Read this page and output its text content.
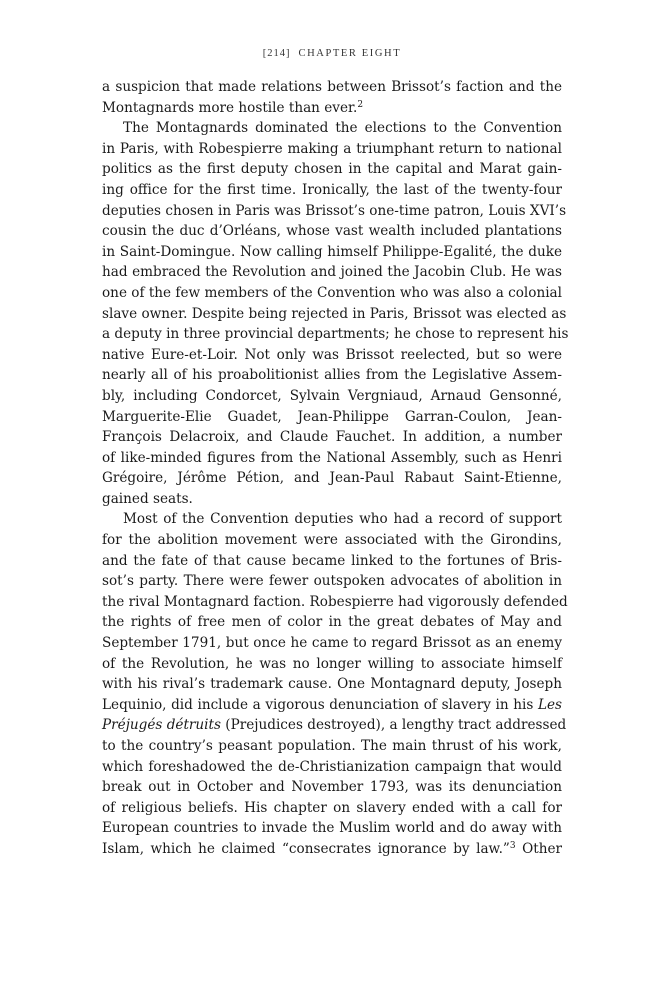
[214] CHAPTER EIGHT
a suspicion that made relations between Brissot’s faction and the
Montagnards more hostile than ever.$^2$
The Montagnards dominated the elections to the Convention
in Paris, with Robespierre making a triumphant return to national
politics as the first deputy chosen in the capital and Marat gain-
ing office for the first time. Ironically, the last of the twenty-four
deputies chosen in Paris was Brissot’s one-time patron, Louis XVI’s
cousin the duc d’Orléans, whose vast wealth included plantations
in Saint-Domingue. Now calling himself Philippe-Egalité, the duke
had embraced the Revolution and joined the Jacobin Club. He was
one of the few members of the Convention who was also a colonial
slave owner. Despite being rejected in Paris, Brissot was elected as
a deputy in three provincial departments; he chose to represent his
native Eure-et-Loir. Not only was Brissot reelected, but so were
nearly all of his proabolitionist allies from the Legislative Assem-
bly, including Condorcet, Sylvain Vergniaud, Arnaud Gensonné,
Marguerite-Elie Guadet, Jean-Philippe Garran-Coulon, Jean-
François Delacroix, and Claude Fauchet. In addition, a number
of like-minded figures from the National Assembly, such as Henri
Grégoire, Jérôme Pétion, and Jean-Paul Rabaut Saint-Etienne,
gained seats.
Most of the Convention deputies who had a record of support
for the abolition movement were associated with the Girondins,
and the fate of that cause became linked to the fortunes of Bris-
sot’s party. There were fewer outspoken advocates of abolition in
the rival Montagnard faction. Robespierre had vigorously defended
the rights of free men of color in the great debates of May and
September 1791, but once he came to regard Brissot as an enemy
of the Revolution, he was no longer willing to associate himself
with his rival’s trademark cause. One Montagnard deputy, Joseph
Lequinio, did include a vigorous denunciation of slavery in his Les
Préjugés détruits (Prejudices destroyed), a lengthy tract addressed
to the country’s peasant population. The main thrust of his work,
which foreshadowed the de-Christianization campaign that would
break out in October and November 1793, was its denunciation
of religious beliefs. His chapter on slavery ended with a call for
European countries to invade the Muslim world and do away with
Islam, which he claimed “consecrates ignorance by law.”$^3$ Other
